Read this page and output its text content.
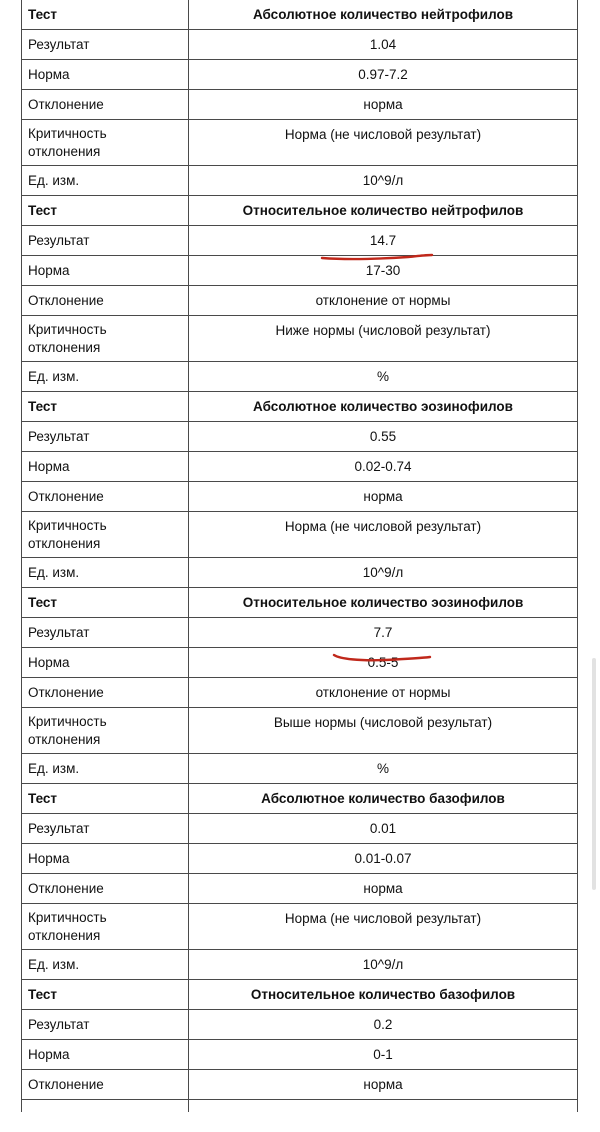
Тест	Абсолютное количество нейтрофилов
Результат	1.04
Норма	0.97-7.2
Отклонение	норма
Критичность отклонения	Норма (не числовой результат)
Ед. изм.	10^9/л
Тест	Относительное количество нейтрофилов
Результат	14.7
Норма	17-30
Отклонение	отклонение от нормы
Критичность отклонения	Ниже нормы (числовой результат)
Ед. изм.	%
Тест	Абсолютное количество эозинофилов
Результат	0.55
Норма	0.02-0.74
Отклонение	норма
Критичность отклонения	Норма (не числовой результат)
Ед. изм.	10^9/л
Тест	Относительное количество эозинофилов
Результат	7.7
Норма	0.5-5
Отклонение	отклонение от нормы
Критичность отклонения	Выше нормы (числовой результат)
Ед. изм.	%
Тест	Абсолютное количество базофилов
Результат	0.01
Норма	0.01-0.07
Отклонение	норма
Критичность отклонения	Норма (не числовой результат)
Ед. изм.	10^9/л
Тест	Относительное количество базофилов
Результат	0.2
Норма	0-1
Отклонение	норма
